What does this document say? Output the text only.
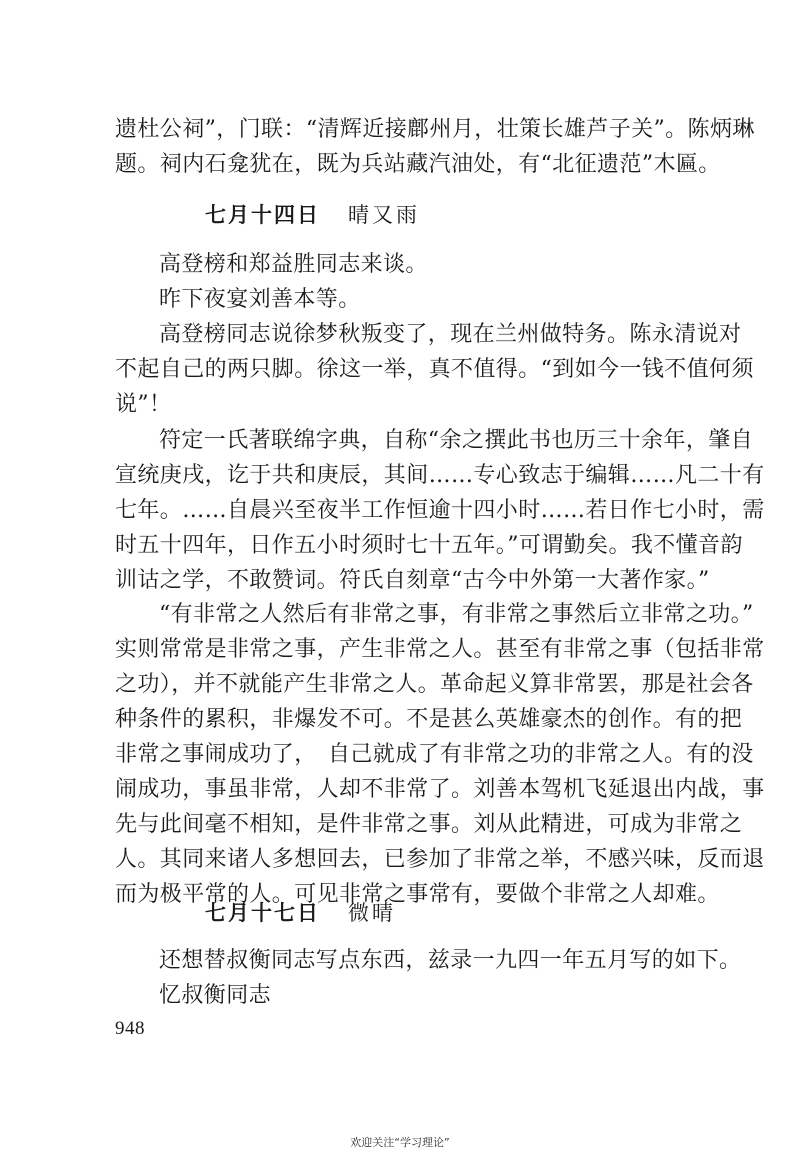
遗杜公祠”，门联：“清辉近接鄜州月，壮策长雄芦子关”。陈炳琳
题。祠内石龛犹在，既为兵站藏汽油处，有“北征遗范”木匾。

七月十四日 晴又雨

高登榜和郑益胜同志来谈。

昨下夜宴刘善本等。

高登榜同志说徐梦秋叛变了，现在兰州做特务。陈永清说对
不起自己的两只脚。徐这一举，真不值得。“到如今一钱不值何须
说”！

符定一氏著联绵字典，自称“余之撰此书也历三十余年，肇自
宣统庚戌，讫于共和庚辰，其间……专心致志于编辑……凡二十有
七年。……自晨兴至夜半工作恒逾十四小时……若日作七小时，需
时五十四年，日作五小时须时七十五年。”可谓勤矣。我不懂音韵
训诂之学，不敢赞词。符氏自刻章“古今中外第一大著作家。”

“有非常之人然后有非常之事，有非常之事然后立非常之功。”
实则常常是非常之事，产生非常之人。甚至有非常之事（包括非常
之功），并不就能产生非常之人。革命起义算非常罢，那是社会各
种条件的累积，非爆发不可。不是甚么英雄豪杰的创作。有的把
非常之事闹成功了，　自己就成了有非常之功的非常之人。有的没
闹成功，事虽非常，人却不非常了。刘善本驾机飞延退出内战，事
先与此间毫不相知，是件非常之事。刘从此精进，可成为非常之
人。其同来诸人多想回去，已参加了非常之举，不感兴味，反而退
而为极平常的人。可见非常之事常有，要做个非常之人却难。

七月十七日 微晴

还想替叔衡同志写点东西，兹录一九四一年五月写的如下。

忆叔衡同志

948
欢迎关注“学习理论”
